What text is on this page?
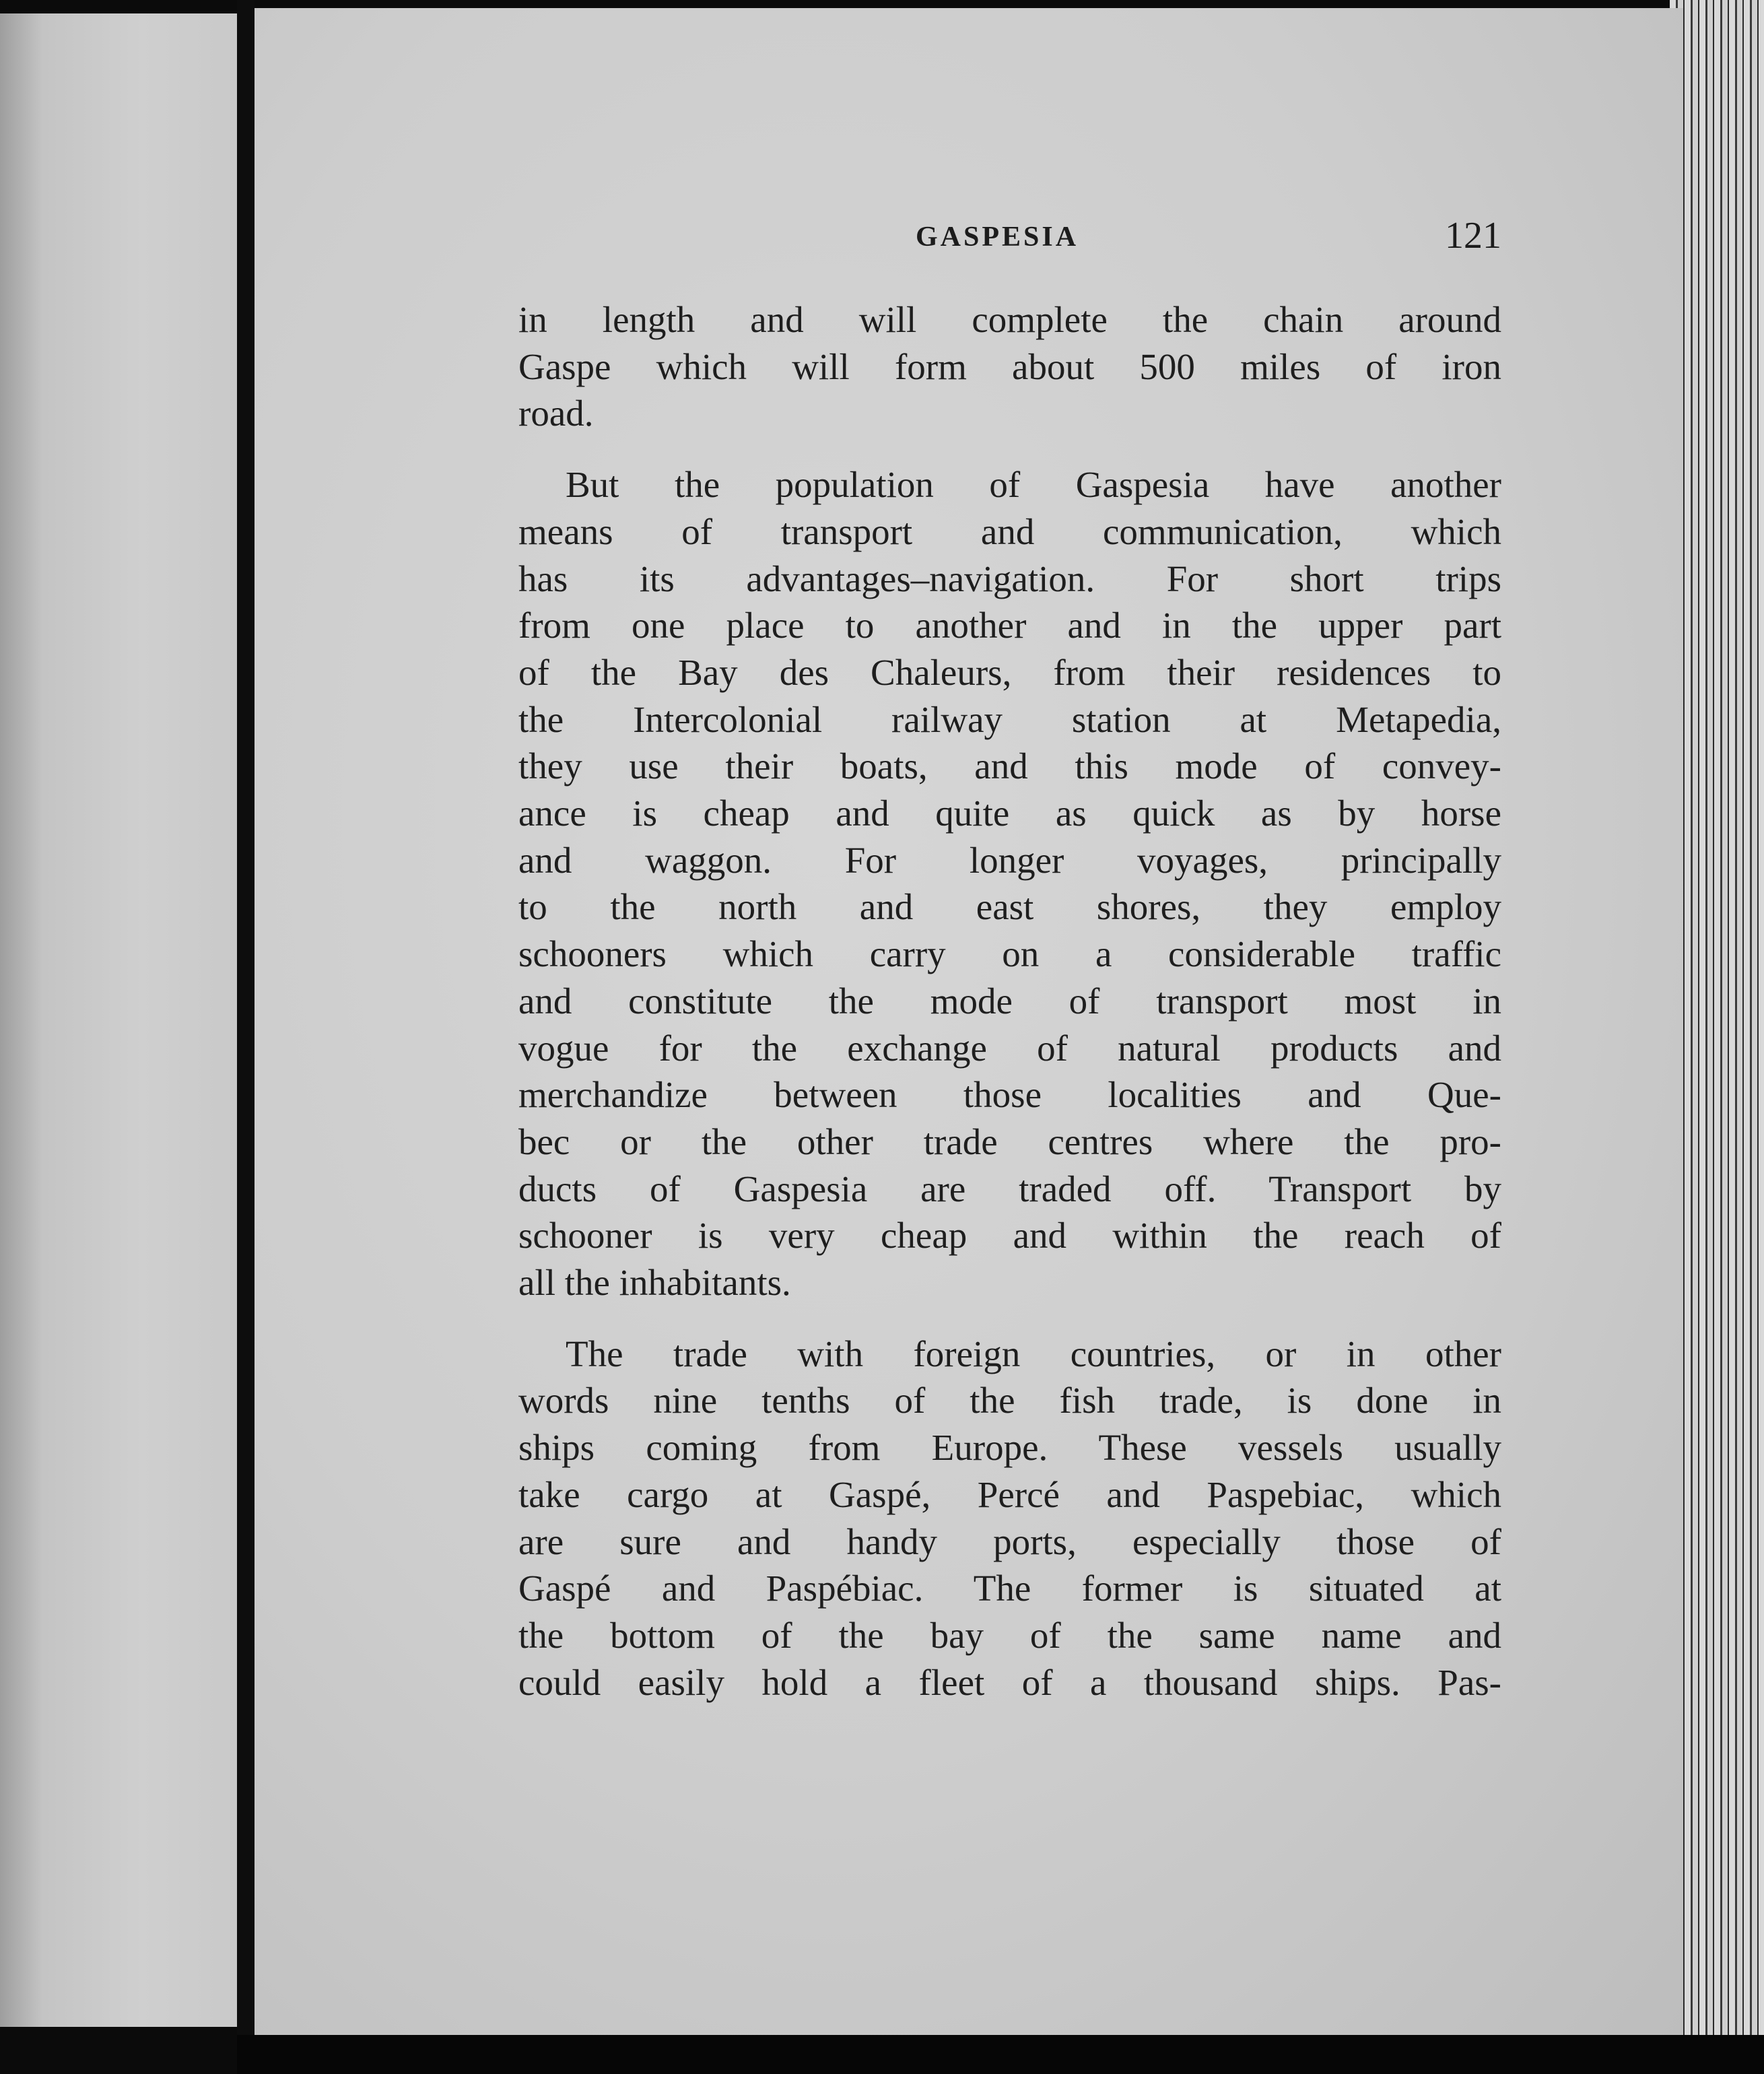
GASPESIA	121

in length and will complete the chain around
Gaspe which will form about 500 miles of iron
road.

But the population of Gaspesia have another
means of transport and communication, which
has its advantages–navigation. For short trips
from one place to another and in the upper part
of the Bay des Chaleurs, from their residences to
the Intercolonial railway station at Metapedia,
they use their boats, and this mode of convey-
ance is cheap and quite as quick as by horse
and waggon. For longer voyages, principally
to the north and east shores, they employ
schooners which carry on a considerable traffic
and constitute the mode of transport most in
vogue for the exchange of natural products and
merchandize between those localities and Que-
bec or the other trade centres where the pro-
ducts of Gaspesia are traded off. Transport by
schooner is very cheap and within the reach of
all the inhabitants.

The trade with foreign countries, or in other
words nine tenths of the fish trade, is done in
ships coming from Europe. These vessels usually
take cargo at Gaspé, Percé and Paspebiac, which
are sure and handy ports, especially those of
Gaspé and Paspébiac. The former is situated at
the bottom of the bay of the same name and
could easily hold a fleet of a thousand ships. Pas-
